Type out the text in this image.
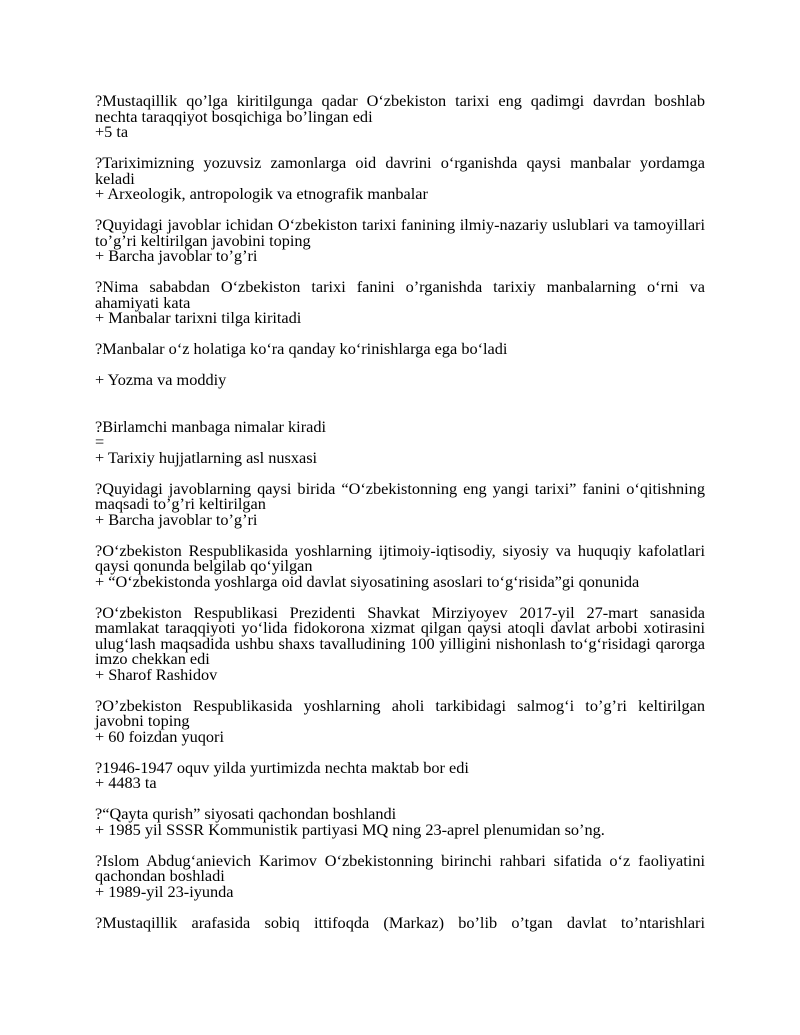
?Mustaqillik qo’lga kiritilgunga qadar O‘zbekiston tarixi eng qadimgi davrdan boshlab nechta taraqqiyot bosqichiga bo’lingan edi
+5 ta
?Tariximizning yozuvsiz zamonlarga oid davrini o‘rganishda qaysi manbalar yordamga keladi
+ Arxeologik, antropologik va etnografik manbalar
?Quyidagi javoblar ichidan O‘zbekiston tarixi fanining ilmiy-nazariy uslublari va tamoyillari to’g’ri keltirilgan javobini toping
+ Barcha javoblar to’g’ri
?Nima sababdan O‘zbekiston tarixi fanini o’rganishda tarixiy manbalarning o‘rni va ahamiyati kata
+ Manbalar tarixni tilga kiritadi
?Manbalar o‘z holatiga ko‘ra qanday ko‘rinishlarga ega bo‘ladi
+ Yozma va moddiy
?Birlamchi manbaga nimalar kiradi
=
+ Tarixiy hujjatlarning asl nusxasi
?Quyidagi javoblarning qaysi birida “O‘zbekistonning eng yangi tarixi” fanini o‘qitishning maqsadi to’g’ri keltirilgan
+ Barcha javoblar to’g’ri
?O‘zbekiston Respublikasida yoshlarning ijtimoiy-iqtisodiy, siyosiy va huquqiy kafolatlari qaysi qonunda belgilab qo‘yilgan
+ “O‘zbekistonda yoshlarga oid davlat siyosatining asoslari to‘g‘risida”gi qonunida
?O‘zbekiston Respublikasi Prezidenti Shavkat Mirziyoyev 2017-yil 27-mart sanasida mamlakat taraqqiyoti yo‘lida fidokorona xizmat qilgan qaysi atoqli davlat arbobi xotirasini ulug‘lash maqsadida ushbu shaxs tavalludining 100 yilligini nishonlash to‘g‘risidagi qarorga imzo chekkan edi
+ Sharof Rashidov
?O’zbekiston Respublikasida yoshlarning aholi tarkibidagi salmog‘i to’g’ri keltirilgan javobni toping
+ 60 foizdan yuqori
?1946-1947 oquv yilda yurtimizda nechta maktab bor edi
+ 4483 ta
?“Qayta qurish” siyosati qachondan boshlandi
+ 1985 yil SSSR Kommunistik partiyasi MQ ning 23-aprel plenumidan so’ng.
?Islom Abdug‘anievich Karimov O‘zbekistonning birinchi rahbari sifatida o‘z faoliyatini qachondan boshladi
+ 1989-yil 23-iyunda
?Mustaqillik arafasida sobiq ittifoqda (Markaz) bo’lib o’tgan davlat to’ntarishlari
